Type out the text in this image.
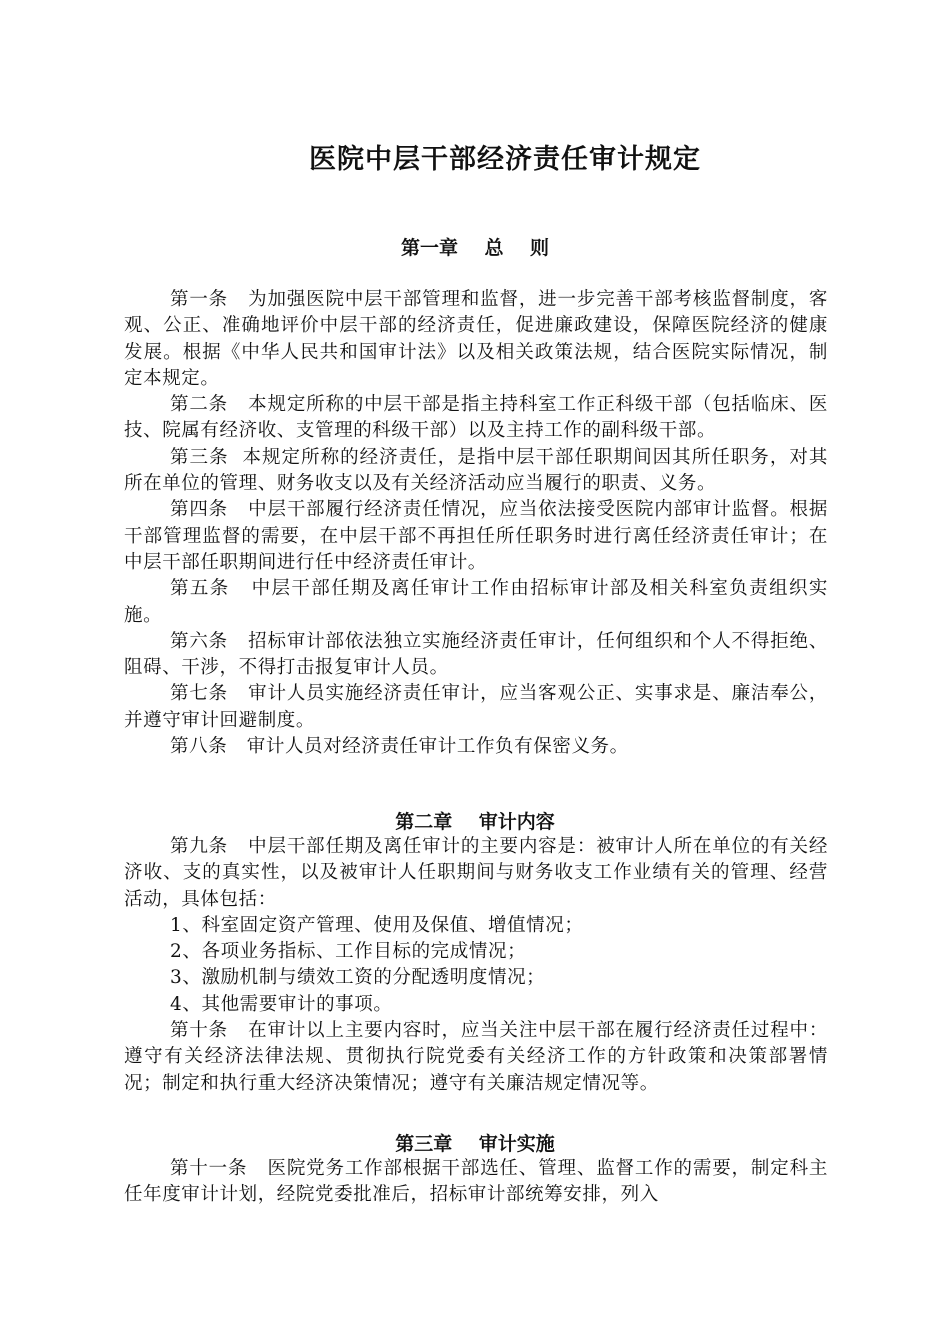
医院中层干部经济责任审计规定
第一章    总    则

第一条   为加强医院中层干部管理和监督，进一步完善干部考核监督制度，客观、公正、准确地评价中层干部的经济责任，促进廉政建设，保障医院经济的健康发展。根据《中华人民共和国审计法》以及相关政策法规，结合医院实际情况，制定本规定。

第二条   本规定所称的中层干部是指主持科室工作正科级干部（包括临床、医技、院属有经济收、支管理的科级干部）以及主持工作的副科级干部。

第三条  本规定所称的经济责任，是指中层干部任职期间因其所任职务，对其所在单位的管理、财务收支以及有关经济活动应当履行的职责、义务。

第四条   中层干部履行经济责任情况，应当依法接受医院内部审计监督。根据干部管理监督的需要，在中层干部不再担任所任职务时进行离任经济责任审计；在中层干部任职期间进行任中经济责任审计。

第五条   中层干部任期及离任审计工作由招标审计部及相关科室负责组织实施。

第六条   招标审计部依法独立实施经济责任审计，任何组织和个人不得拒绝、阻碍、干涉，不得打击报复审计人员。

第七条   审计人员实施经济责任审计，应当客观公正、实事求是、廉洁奉公，并遵守审计回避制度。

第八条   审计人员对经济责任审计工作负有保密义务。

第二章    审计内容

第九条   中层干部任期及离任审计的主要内容是：被审计人所在单位的有关经济收、支的真实性，以及被审计人任职期间与财务收支工作业绩有关的管理、经营活动，具体包括：

1、科室固定资产管理、使用及保值、增值情况；

2、各项业务指标、工作目标的完成情况；

3、激励机制与绩效工资的分配透明度情况；

4、其他需要审计的事项。

第十条   在审计以上主要内容时，应当关注中层干部在履行经济责任过程中：遵守有关经济法律法规、贯彻执行院党委有关经济工作的方针政策和决策部署情况；制定和执行重大经济决策情况；遵守有关廉洁规定情况等。

第三章    审计实施

第十一条   医院党务工作部根据干部选任、管理、监督工作的需要，制定科主任年度审计计划，经院党委批准后，招标审计部统筹安排，列入
